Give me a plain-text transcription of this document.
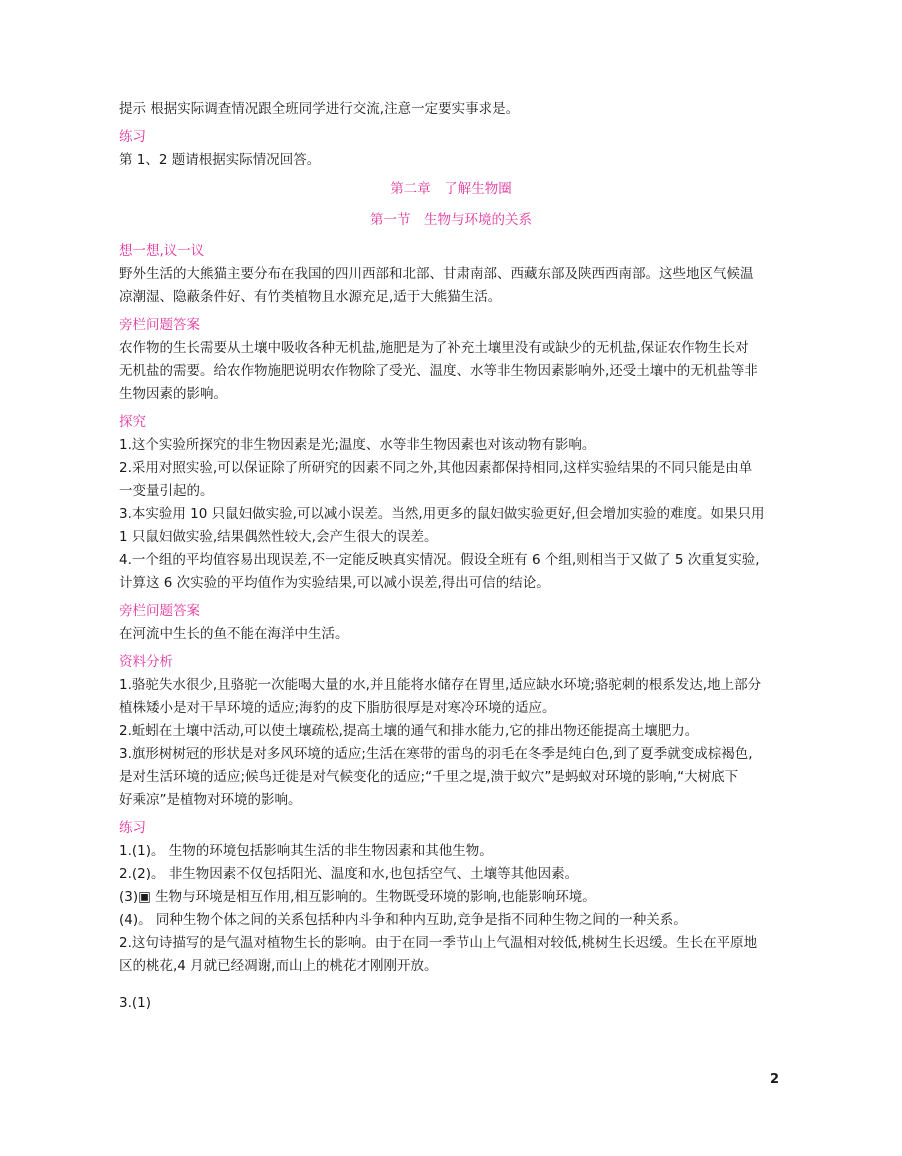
提示 根据实际调查情况跟全班同学进行交流,注意一定要实事求是。

练习

第 1、2 题请根据实际情况回答。

第二章　了解生物圈

第一节　生物与环境的关系

想一想,议一议

野外生活的大熊猫主要分布在我国的四川西部和北部、甘肃南部、西藏东部及陕西西南部。这些地区气候温

凉潮湿、隐蔽条件好、有竹类植物且水源充足,适于大熊猫生活。

旁栏问题答案

农作物的生长需要从土壤中吸收各种无机盐,施肥是为了补充土壤里没有或缺少的无机盐,保证农作物生长对

无机盐的需要。给农作物施肥说明农作物除了受光、温度、水等非生物因素影响外,还受土壤中的无机盐等非

生物因素的影响。

探究

1.这个实验所探究的非生物因素是光;温度、水等非生物因素也对该动物有影响。

2.采用对照实验,可以保证除了所研究的因素不同之外,其他因素都保持相同,这样实验结果的不同只能是由单

一变量引起的。

3.本实验用 10 只鼠妇做实验,可以减小误差。当然,用更多的鼠妇做实验更好,但会增加实验的难度。如果只用

1 只鼠妇做实验,结果偶然性较大,会产生很大的误差。

4.一个组的平均值容易出现误差,不一定能反映真实情况。假设全班有 6 个组,则相当于又做了 5 次重复实验,

计算这 6 次实验的平均值作为实验结果,可以减小误差,得出可信的结论。

旁栏问题答案

在河流中生长的鱼不能在海洋中生活。

资料分析

1.骆驼失水很少,且骆驼一次能喝大量的水,并且能将水储存在胃里,适应缺水环境;骆驼刺的根系发达,地上部分

植株矮小是对干旱环境的适应;海豹的皮下脂肪很厚是对寒冷环境的适应。

2.蚯蚓在土壤中活动,可以使土壤疏松,提高土壤的通气和排水能力,它的排出物还能提高土壤肥力。

3.旗形树树冠的形状是对多风环境的适应;生活在寒带的雷鸟的羽毛在冬季是纯白色,到了夏季就变成棕褐色,

是对生活环境的适应;候鸟迁徙是对气候变化的适应;“千里之堤,溃于蚁穴”是蚂蚁对环境的影响,“大树底下

好乘凉”是植物对环境的影响。

练习

1.(1)。 生物的环境包括影响其生活的非生物因素和其他生物。

2.(2)。 非生物因素不仅包括阳光、温度和水,也包括空气、土壤等其他因素。

(3)▣ 生物与环境是相互作用,相互影响的。生物既受环境的影响,也能影响环境。

(4)。 同种生物个体之间的关系包括种内斗争和种内互助,竞争是指不同种生物之间的一种关系。

2.这句诗描写的是气温对植物生长的影响。由于在同一季节山上气温相对较低,桃树生长迟缓。生长在平原地

区的桃花,4 月就已经凋谢,而山上的桃花才刚刚开放。

3.(1)

2
